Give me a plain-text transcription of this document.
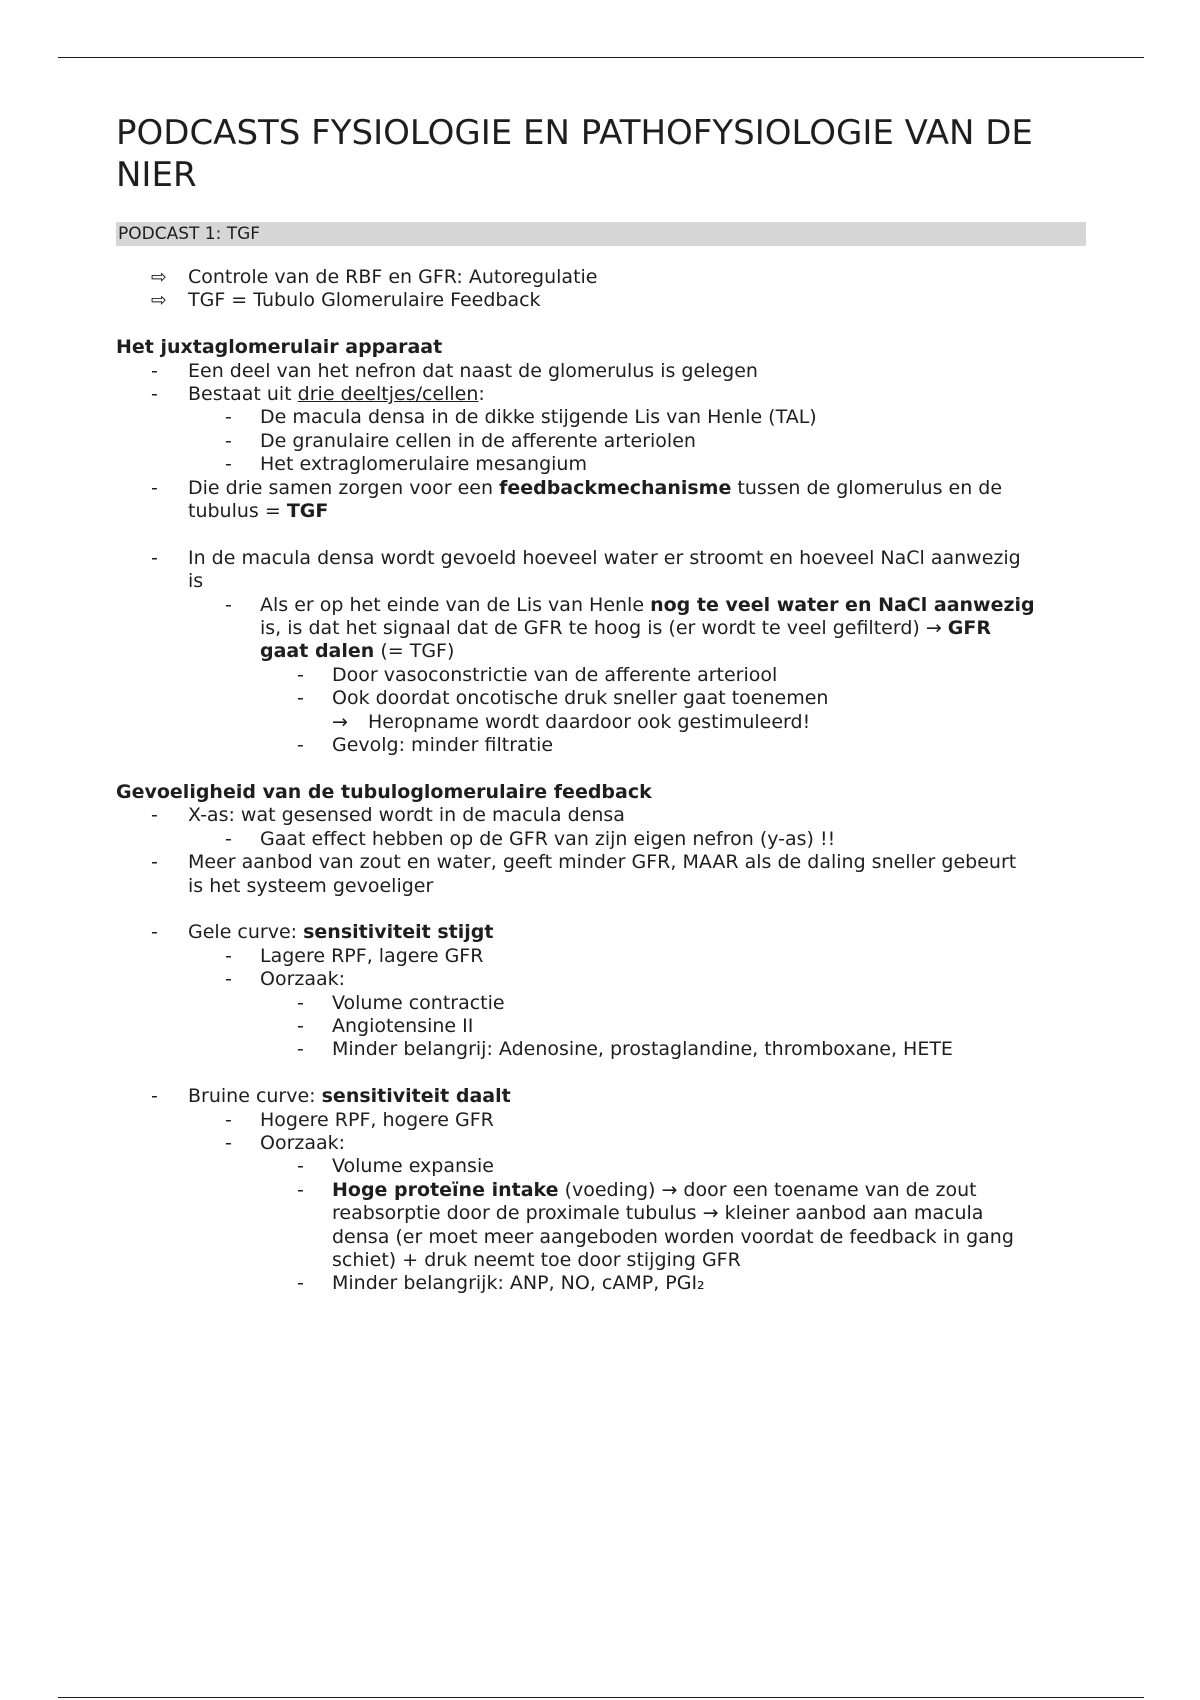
PODCASTS FYSIOLOGIE EN PATHOFYSIOLOGIE VAN DE NIER
PODCAST 1: TGF
⇨ Controle van de RBF en GFR: Autoregulatie
⇨ TGF = Tubulo Glomerulaire Feedback
Het juxtaglomerulair apparaat
- Een deel van het nefron dat naast de glomerulus is gelegen
- Bestaat uit drie deeltjes/cellen:
- De macula densa in de dikke stijgende Lis van Henle (TAL)
- De granulaire cellen in de afferente arteriolen
- Het extraglomerulaire mesangium
- Die drie samen zorgen voor een feedbackmechanisme tussen de glomerulus en de
tubulus = TGF
- In de macula densa wordt gevoeld hoeveel water er stroomt en hoeveel NaCl aanwezig
is
- Als er op het einde van de Lis van Henle nog te veel water en NaCl aanwezig
is, is dat het signaal dat de GFR te hoog is (er wordt te veel gefilterd) → GFR
gaat dalen (= TGF)
- Door vasoconstrictie van de afferente arteriool
- Ook doordat oncotische druk sneller gaat toenemen
→ Heropname wordt daardoor ook gestimuleerd!
- Gevolg: minder filtratie
Gevoeligheid van de tubuloglomerulaire feedback
- X-as: wat gesensed wordt in de macula densa
- Gaat effect hebben op de GFR van zijn eigen nefron (y-as) !!
- Meer aanbod van zout en water, geeft minder GFR, MAAR als de daling sneller gebeurt
is het systeem gevoeliger
- Gele curve: sensitiviteit stijgt
- Lagere RPF, lagere GFR
- Oorzaak:
- Volume contractie
- Angiotensine II
- Minder belangrij: Adenosine, prostaglandine, thromboxane, HETE
- Bruine curve: sensitiviteit daalt
- Hogere RPF, hogere GFR
- Oorzaak:
- Volume expansie
- Hoge proteïne intake (voeding) → door een toename van de zout
reabsorptie door de proximale tubulus → kleiner aanbod aan macula
densa (er moet meer aangeboden worden voordat de feedback in gang
schiet) + druk neemt toe door stijging GFR
- Minder belangrijk: ANP, NO, cAMP, PGI₂
